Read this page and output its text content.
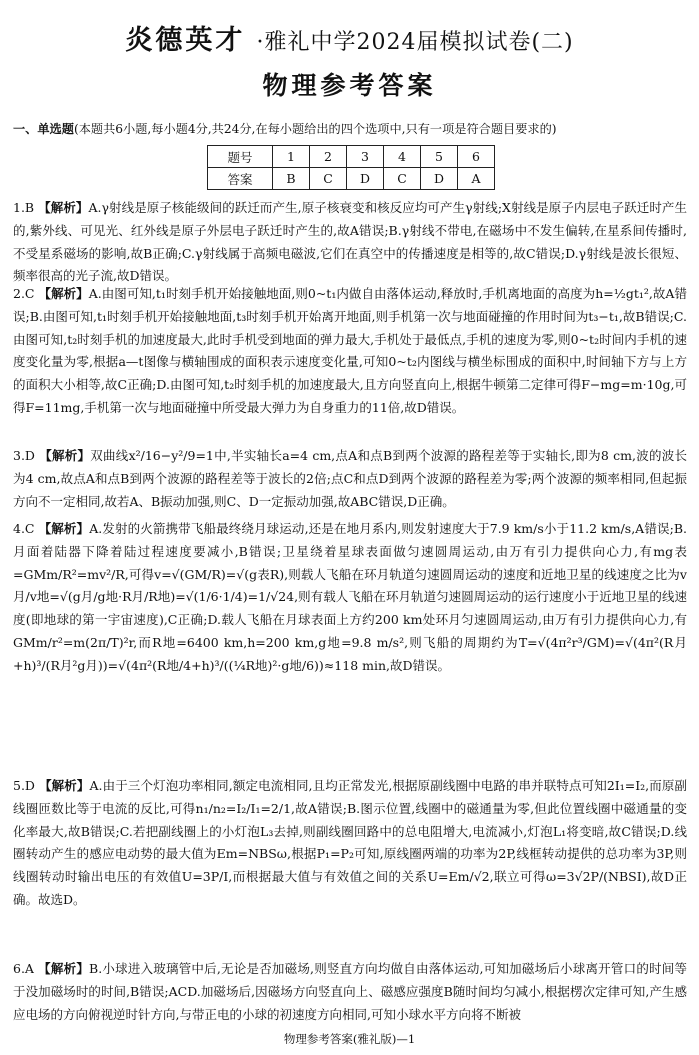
炎德英才 ·雅礼中学2024届模拟试卷(二)
物理参考答案
一、单选题(本题共6小题,每小题4分,共24分,在每小题给出的四个选项中,只有一项是符合题目要求的)
题号	1	2	3	4	5	6
答案	B	C	D	C	D	A
1.B 【解析】A.γ射线是原子核能级间的跃迁而产生,原子核衰变和核反应均可产生γ射线;X射线是原子内层电子跃迁时产生的,紫外线、可见光、红外线是原子外层电子跃迁时产生的,故A错误;B.γ射线不带电,在磁场中不发生偏转,在星系间传播时,不受星系磁场的影响,故B正确;C.γ射线属于高频电磁波,它们在真空中的传播速度是相等的,故C错误;D.γ射线是波长很短、频率很高的光子流,故D错误。
2.C 【解析】A.由图可知,t₁时刻手机开始接触地面,则0~t₁内做自由落体运动,释放时,手机离地面的高度为h=½gt₁²,故A错误;B.由图可知,t₁时刻手机开始接触地面,t₃时刻手机开始离开地面,则手机第一次与地面碰撞的作用时间为t₃−t₁,故B错误;C.由图可知,t₂时刻手机的加速度最大,此时手机受到地面的弹力最大,手机处于最低点,手机的速度为零,则0~t₂时间内手机的速度变化量为零,根据a—t图像与横轴围成的面积表示速度变化量,可知0~t₂内图线与横坐标围成的面积中,时间轴下方与上方的面积大小相等,故C正确;D.由图可知,t₂时刻手机的加速度最大,且方向竖直向上,根据牛顿第二定律可得F−mg=m·10g,可得F=11mg,手机第一次与地面碰撞中所受最大弹力为自身重力的11倍,故D错误。
3.D 【解析】双曲线x²/16−y²/9=1中,半实轴长a=4 cm,点A和点B到两个波源的路程差等于实轴长,即为8 cm,波的波长为4 cm,故点A和点B到两个波源的路程差等于波长的2倍;点C和点D到两个波源的路程差为零;两个波源的频率相同,但起振方向不一定相同,故若A、B振动加强,则C、D一定振动加强,故ABC错误,D正确。
4.C 【解析】A.发射的火箭携带飞船最终绕月球运动,还是在地月系内,则发射速度大于7.9 km/s小于11.2 km/s,A错误;B.月面着陆器下降着陆过程速度要减小,B错误;卫星绕着星球表面做匀速圆周运动,由万有引力提供向心力,有mg表=GMm/R²=mv²/R,可得v=√(GM/R)=√(g表R),则载人飞船在环月轨道匀速圆周运动的速度和近地卫星的线速度之比为v月/v地=√(g月/g地·R月/R地)=√(1/6·1/4)=1/√24,则有载人飞船在环月轨道匀速圆周运动的运行速度小于近地卫星的线速度(即地球的第一宇宙速度),C正确;D.载人飞船在月球表面上方约200 km处环月匀速圆周运动,由万有引力提供向心力,有GMm/r²=m(2π/T)²r,而R地=6400 km,h=200 km,g地=9.8 m/s²,则飞船的周期约为T=√(4π²r³/GM)=√(4π²(R月+h)³/(R月²g月))=√(4π²(R地/4+h)³/((¼R地)²·g地/6))≈118 min,故D错误。
5.D 【解析】A.由于三个灯泡功率相同,额定电流相同,且均正常发光,根据原副线圈中电路的串并联特点可知2I₁=I₂,而原副线圈匝数比等于电流的反比,可得n₁/n₂=I₂/I₁=2/1,故A错误;B.图示位置,线圈中的磁通量为零,但此位置线圈中磁通量的变化率最大,故B错误;C.若把副线圈上的小灯泡L₃去掉,则副线圈回路中的总电阻增大,电流减小,灯泡L₁将变暗,故C错误;D.线圈转动产生的感应电动势的最大值为Em=NBSω,根据P₁=P₂可知,原线圈两端的功率为2P,线框转动提供的总功率为3P,则线圈转动时输出电压的有效值U=3P/I,而根据最大值与有效值之间的关系U=Em/√2,联立可得ω=3√2P/(NBSI),故D正确。故选D。
6.A 【解析】B.小球进入玻璃管中后,无论是否加磁场,则竖直方向均做自由落体运动,可知加磁场后小球离开管口的时间等于没加磁场时的时间,B错误;ACD.加磁场后,因磁场方向竖直向上、磁感应强度B随时间均匀减小,根据楞次定律可知,产生感应电场的方向俯视逆时针方向,与带正电的小球的初速度方向相同,可知小球水平方向将不断被
物理参考答案(雅礼版)—1
